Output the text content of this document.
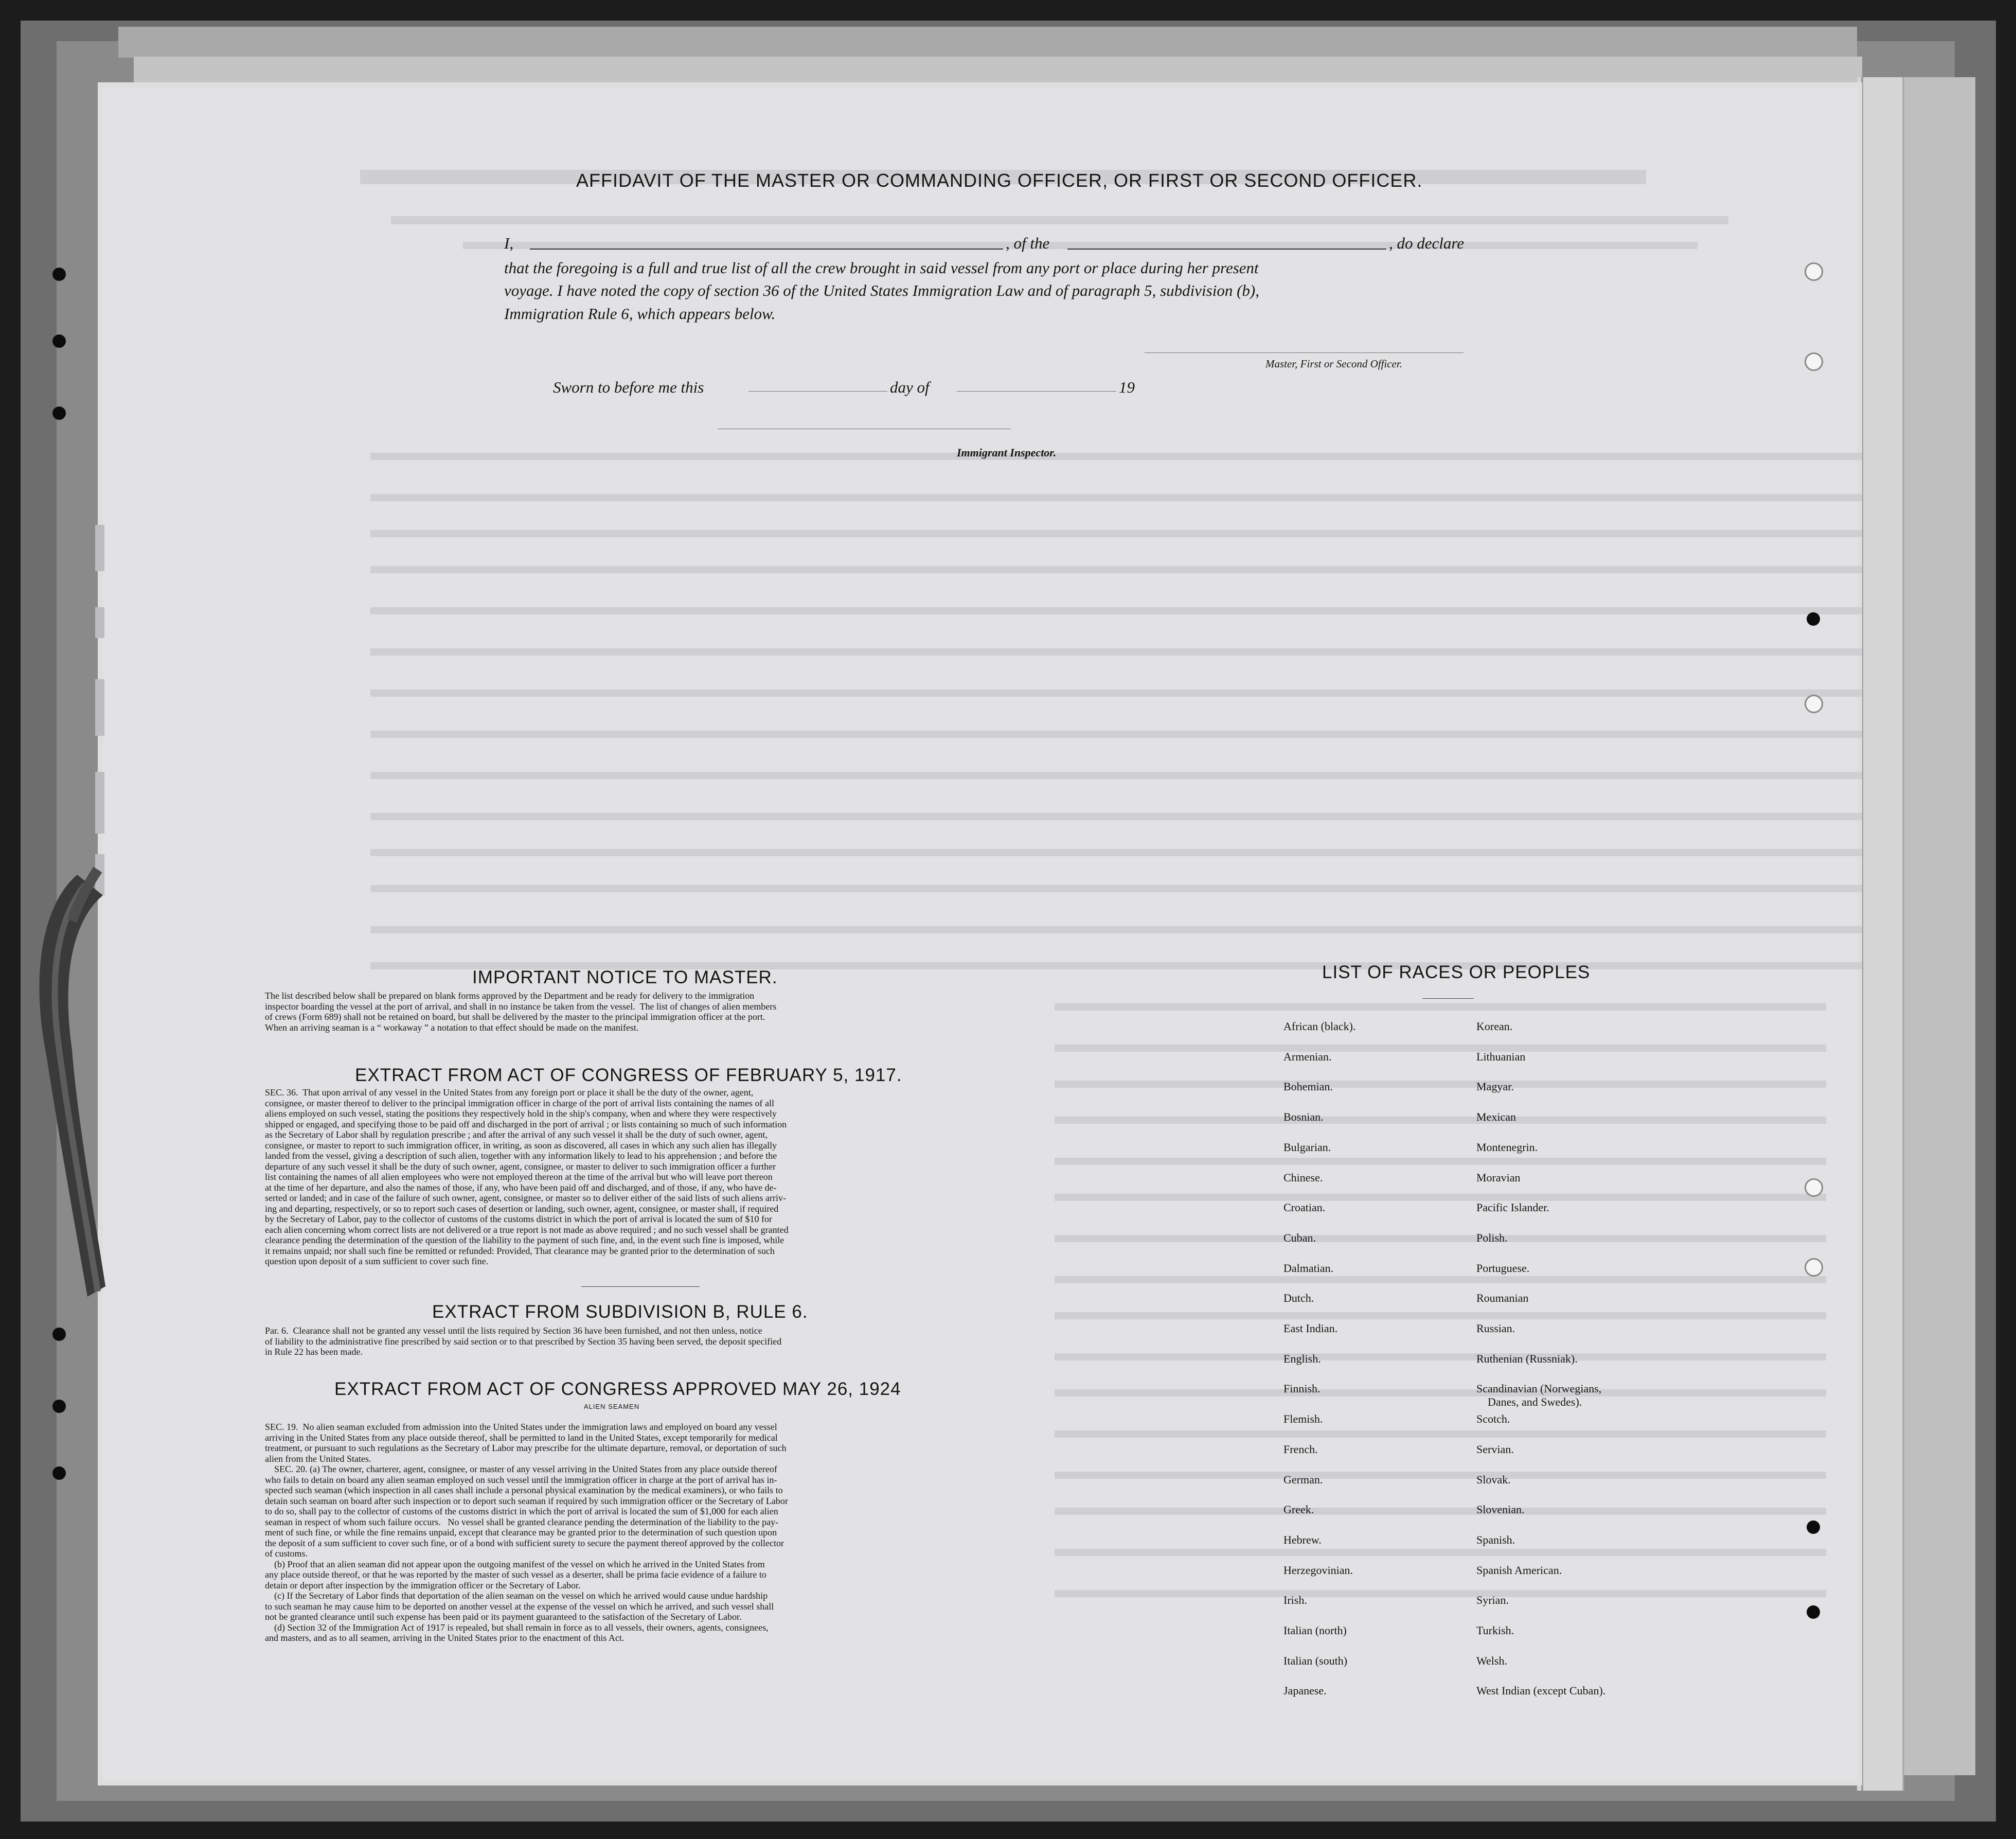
AFFIDAVIT OF THE MASTER OR COMMANDING OFFICER, OR FIRST OR SECOND OFFICER.
I,	, of the	, do declare
that the foregoing is a full and true list of all the crew brought in said vessel from any port or place during her present
voyage. I have noted the copy of section 36 of the United States Immigration Law and of paragraph 5, subdivision (b),
Immigration Rule 6, which appears below.
Master, First or Second Officer.
Sworn to before me this	day of	19
Immigrant Inspector.
IMPORTANT NOTICE TO MASTER.
The list described below shall be prepared on blank forms approved by the Department and be ready for delivery to the immigration
inspector boarding the vessel at the port of arrival, and shall in no instance be taken from the vessel.  The list of changes of alien members
of crews (Form 689) shall not be retained on board, but shall be delivered by the master to the principal immigration officer at the port.
When an arriving seaman is a “ workaway ” a notation to that effect should be made on the manifest.
EXTRACT FROM ACT OF CONGRESS OF FEBRUARY 5, 1917.
SEC. 36.  That upon arrival of any vessel in the United States from any foreign port or place it shall be the duty of the owner, agent,
consignee, or master thereof to deliver to the principal immigration officer in charge of the port of arrival lists containing the names of all
aliens employed on such vessel, stating the positions they respectively hold in the ship's company, when and where they were respectively
shipped or engaged, and specifying those to be paid off and discharged in the port of arrival ; or lists containing so much of such information
as the Secretary of Labor shall by regulation prescribe ; and after the arrival of any such vessel it shall be the duty of such owner, agent,
consignee, or master to report to such immigration officer, in writing, as soon as discovered, all cases in which any such alien has illegally
landed from the vessel, giving a description of such alien, together with any information likely to lead to his apprehension ; and before the
departure of any such vessel it shall be the duty of such owner, agent, consignee, or master to deliver to such immigration officer a further
list containing the names of all alien employees who were not employed thereon at the time of the arrival but who will leave port thereon
at the time of her departure, and also the names of those, if any, who have been paid off and discharged, and of those, if any, who have de-
serted or landed; and in case of the failure of such owner, agent, consignee, or master so to deliver either of the said lists of such aliens arriv-
ing and departing, respectively, or so to report such cases of desertion or landing, such owner, agent, consignee, or master shall, if required
by the Secretary of Labor, pay to the collector of customs of the customs district in which the port of arrival is located the sum of $10 for
each alien concerning whom correct lists are not delivered or a true report is not made as above required ; and no such vessel shall be granted
clearance pending the determination of the question of the liability to the payment of such fine, and, in the event such fine is imposed, while
it remains unpaid; nor shall such fine be remitted or refunded: Provided, That clearance may be granted prior to the determination of such
question upon deposit of a sum sufficient to cover such fine.
EXTRACT FROM SUBDIVISION B, RULE 6.
Par. 6.  Clearance shall not be granted any vessel until the lists required by Section 36 have been furnished, and not then unless, notice
of liability to the administrative fine prescribed by said section or to that prescribed by Section 35 having been served, the deposit specified
in Rule 22 has been made.
EXTRACT FROM ACT OF CONGRESS APPROVED MAY 26, 1924
ALIEN SEAMEN
SEC. 19.  No alien seaman excluded from admission into the United States under the immigration laws and employed on board any vessel
arriving in the United States from any place outside thereof, shall be permitted to land in the United States, except temporarily for medical
treatment, or pursuant to such regulations as the Secretary of Labor may prescribe for the ultimate departure, removal, or deportation of such
alien from the United States.
SEC. 20. (a) The owner, charterer, agent, consignee, or master of any vessel arriving in the United States from any place outside thereof
who fails to detain on board any alien seaman employed on such vessel until the immigration officer in charge at the port of arrival has in-
spected such seaman (which inspection in all cases shall include a personal physical examination by the medical examiners), or who fails to
detain such seaman on board after such inspection or to deport such seaman if required by such immigration officer or the Secretary of Labor
to do so, shall pay to the collector of customs of the customs district in which the port of arrival is located the sum of $1,000 for each alien
seaman in respect of whom such failure occurs.   No vessel shall be granted clearance pending the determination of the liability to the pay-
ment of such fine, or while the fine remains unpaid, except that clearance may be granted prior to the determination of such question upon
the deposit of a sum sufficient to cover such fine, or of a bond with sufficient surety to secure the payment thereof approved by the collector
of customs.
(b) Proof that an alien seaman did not appear upon the outgoing manifest of the vessel on which he arrived in the United States from
any place outside thereof, or that he was reported by the master of such vessel as a deserter, shall be prima facie evidence of a failure to
detain or deport after inspection by the immigration officer or the Secretary of Labor.
(c) If the Secretary of Labor finds that deportation of the alien seaman on the vessel on which he arrived would cause undue hardship
to such seaman he may cause him to be deported on another vessel at the expense of the vessel on which he arrived, and such vessel shall
not be granted clearance until such expense has been paid or its payment guaranteed to the satisfaction of the Secretary of Labor.
(d) Section 32 of the Immigration Act of 1917 is repealed, but shall remain in force as to all vessels, their owners, agents, consignees,
and masters, and as to all seamen, arriving in the United States prior to the enactment of this Act.
LIST OF RACES OR PEOPLES
African (black).
Armenian.
Bohemian.
Bosnian.
Bulgarian.
Chinese.
Croatian.
Cuban.
Dalmatian.
Dutch.
East Indian.
English.
Finnish.
Flemish.
French.
German.
Greek.
Hebrew.
Herzegovinian.
Irish.
Italian (north)
Italian (south)
Japanese.
Korean.
Lithuanian
Magyar.
Mexican
Montenegrin.
Moravian
Pacific Islander.
Polish.
Portuguese.
Roumanian
Russian.
Ruthenian (Russniak).
Scandinavian (Norwegians,
Danes, and Swedes).
Scotch.
Servian.
Slovak.
Slovenian.
Spanish.
Spanish American.
Syrian.
Turkish.
Welsh.
West Indian (except Cuban).
